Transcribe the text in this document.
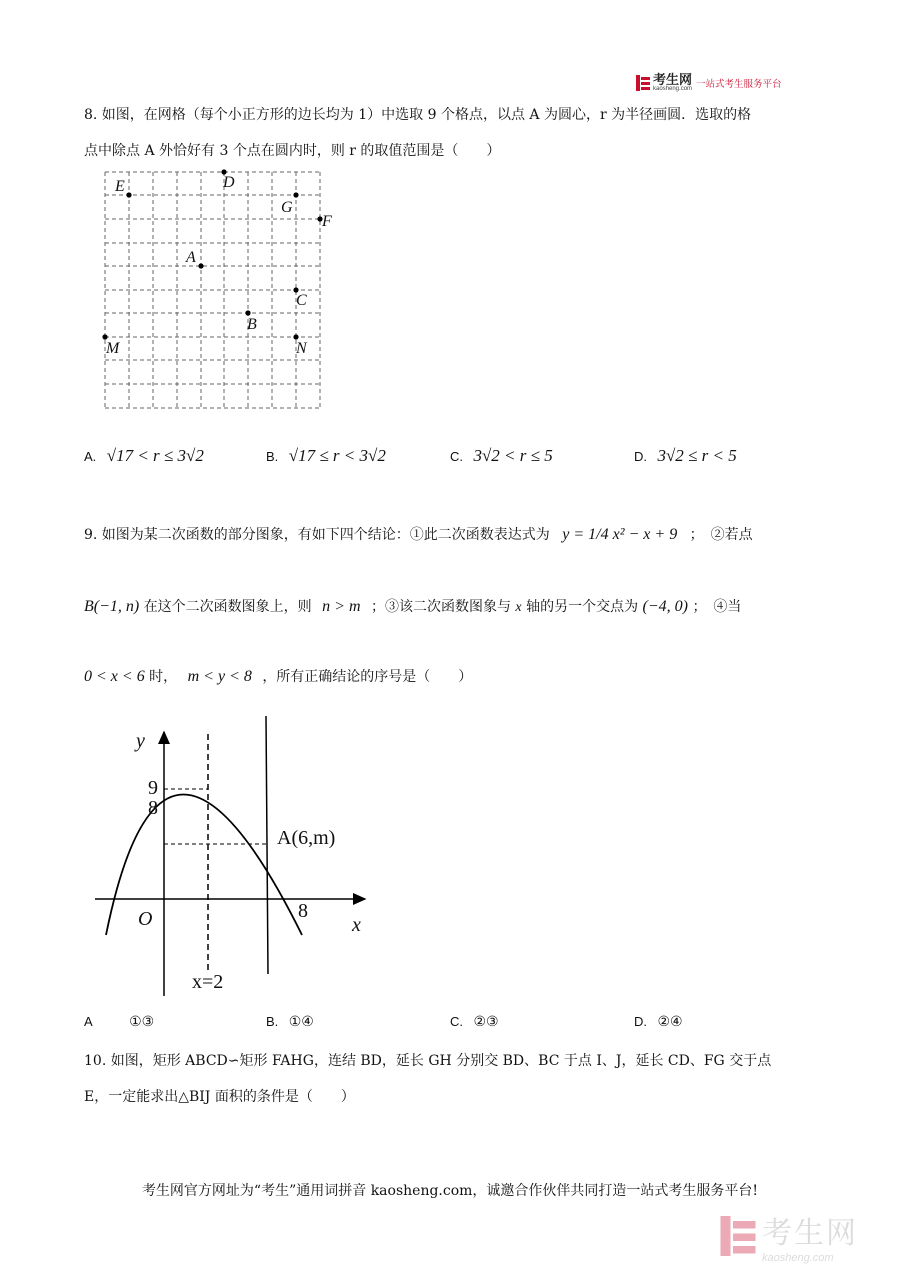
考生网
kaosheng.com 一站式考生服务平台
8. 如图，在网格（每个小正方形的边长均为 1）中选取 9 个格点，以点 A 为圆心，r 为半径画圆．选取的格
点中除点 A 外恰好有 3 个点在圆内时，则 r 的取值范围是（　　）
E	D
G
F
A
C
B
M	N
A. √17 < r ≤ 3√2	B. √17 ≤ r < 3√2	C. 3√2 < r ≤ 5	D. 3√2 ≤ r < 5
9. 如图为某二次函数的部分图象，有如下四个结论：①此二次函数表达式为 y = 1/4 x² − x + 9 ；　②若点
B(−1, n) 在这个二次函数图象上，则 n > m ；③该二次函数图象与 x 轴的另一个交点为 (−4, 0) ；　④当
0 < x < 6 时， m < y < 8 ，所有正确结论的序号是（　　）
y
x
O
9
8
8
A(6,m)
x=2
A	①③	B. ①④	C. ②③	D. ②④
10. 如图，矩形 ABCD∽矩形 FAHG，连结 BD，延长 GH 分别交 BD、BC 于点 I、J，延长 CD、FG 交于点
E，一定能求出△BIJ 面积的条件是（　　）
考生网官方网址为“考生”通用词拼音 kaosheng.com，诚邀合作伙伴共同打造一站式考生服务平台!
考生网
kaosheng.com
